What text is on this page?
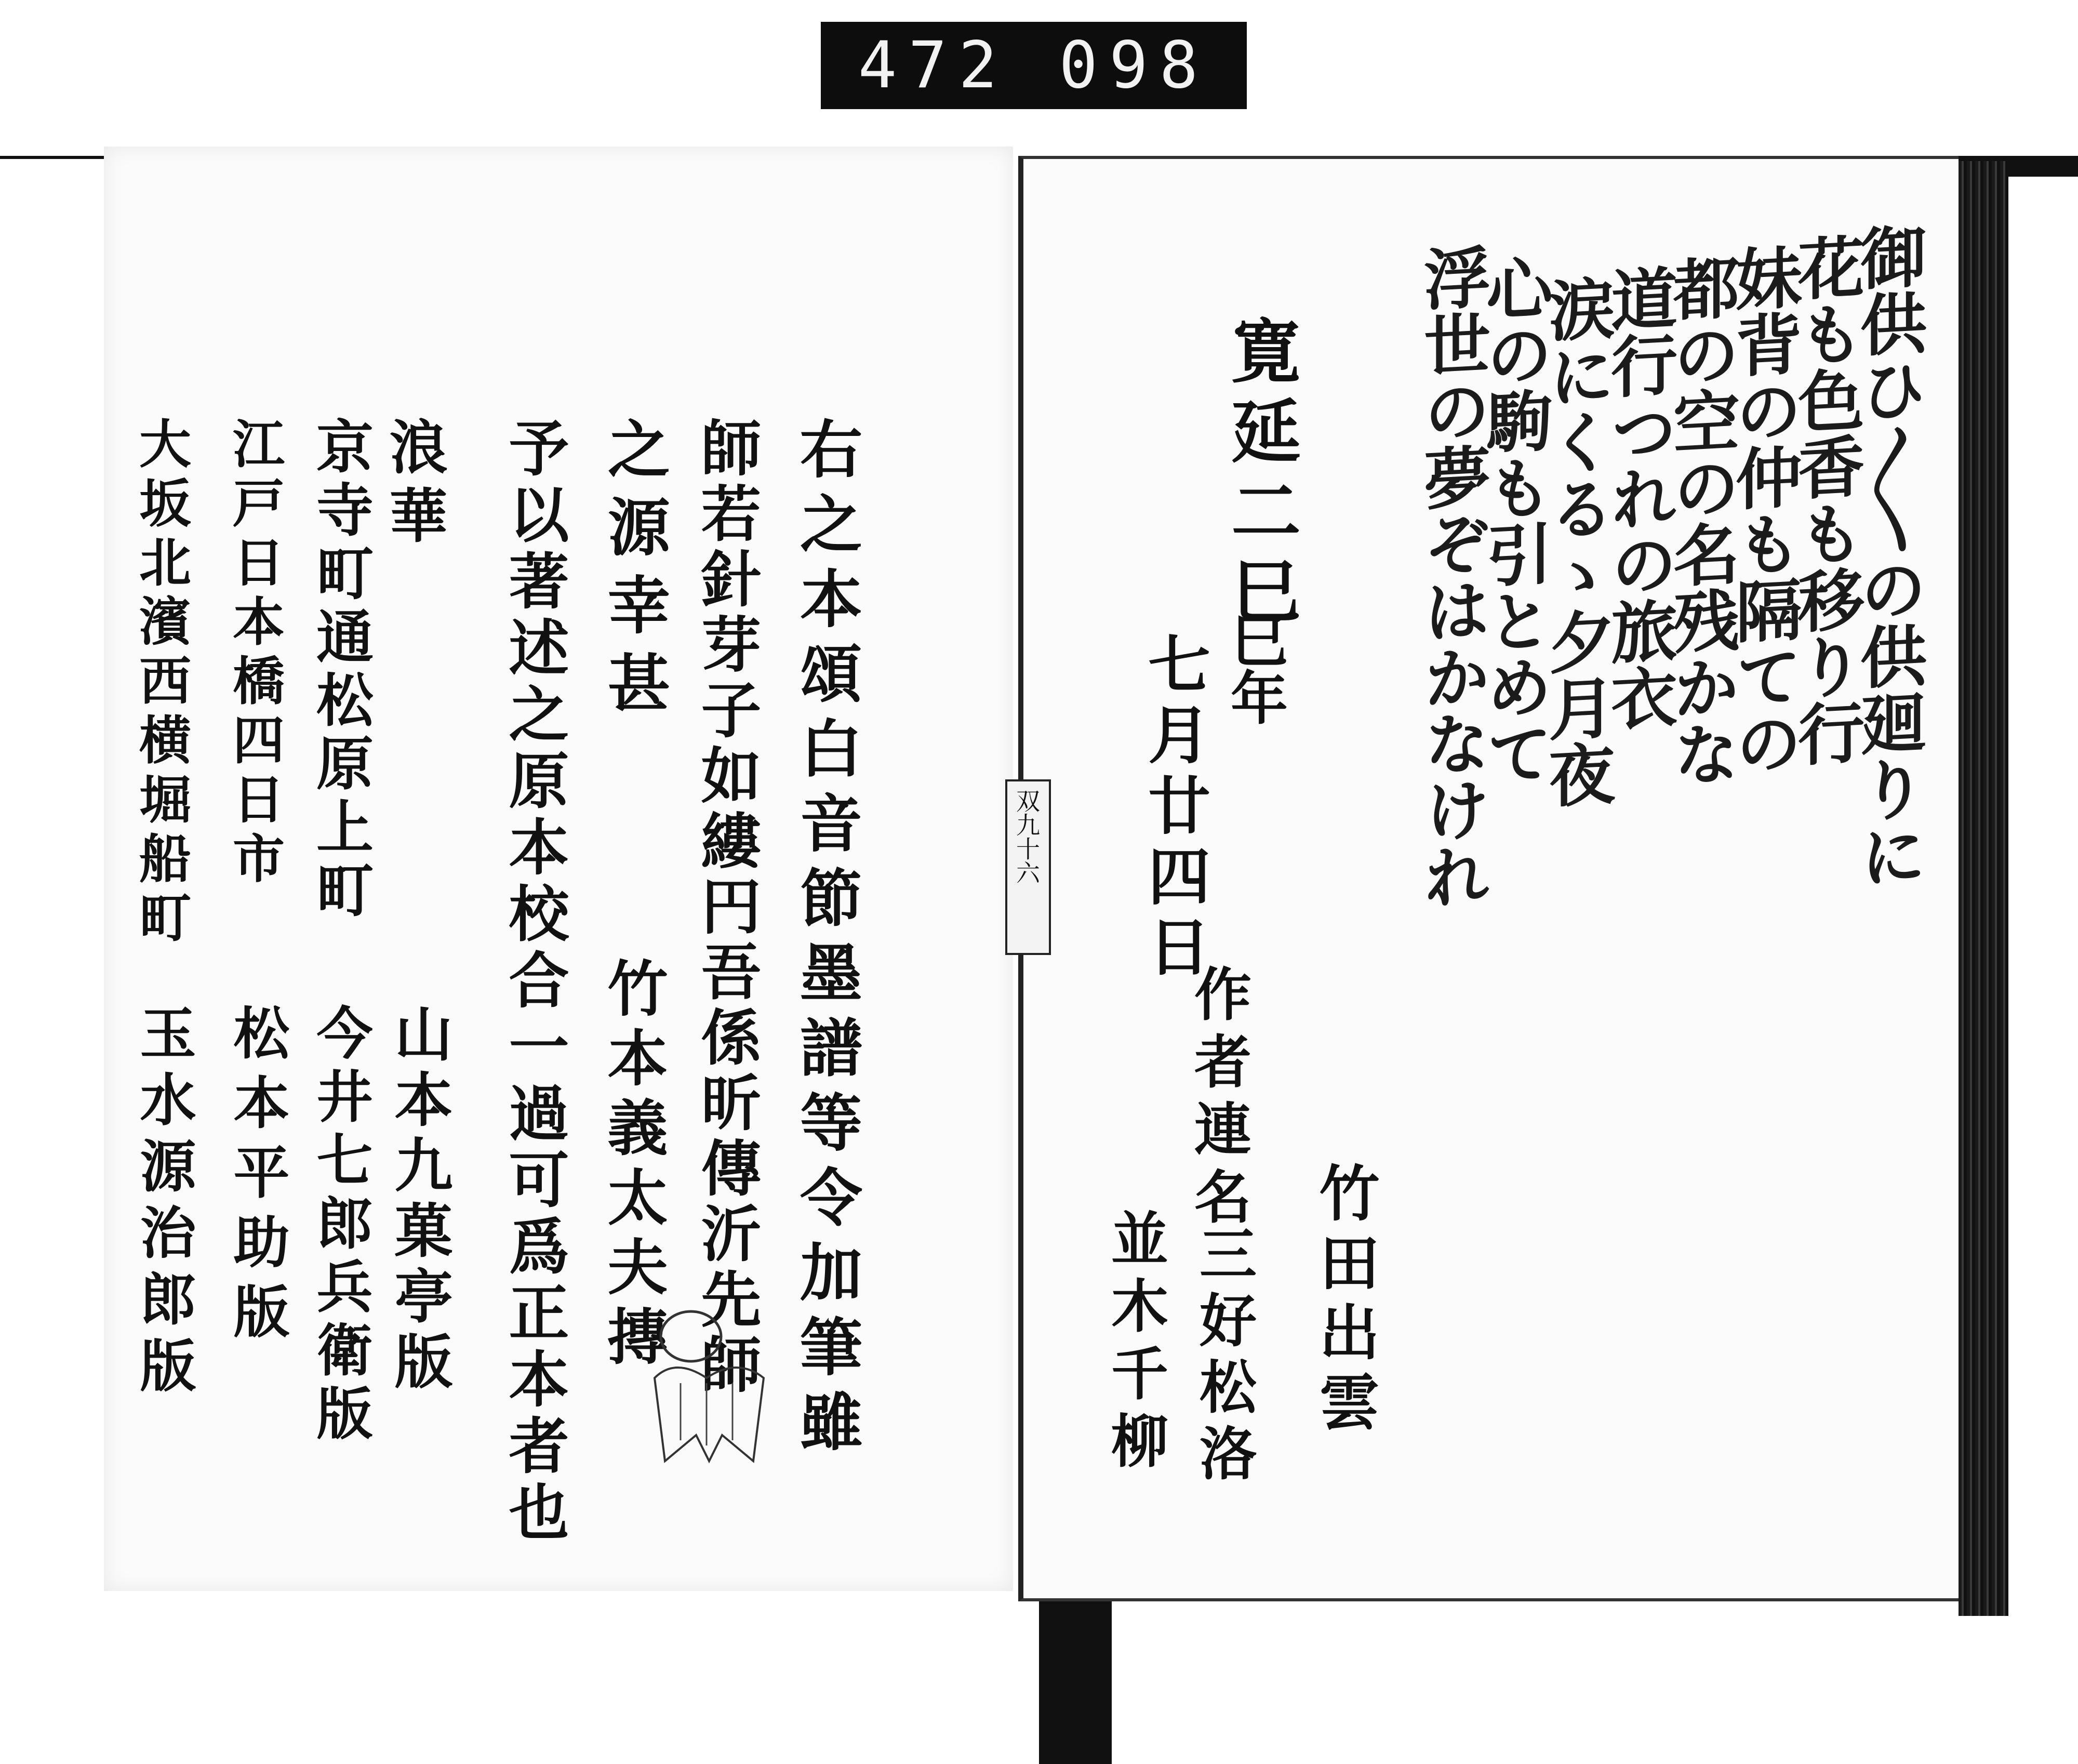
472 098
右之本頌白音節墨譜等令加筆雖
師若針芽子如縷円吾係昕傳沂先師
之源幸甚
竹本義太夫摶
予以著述之原本校合一過可爲正本者也
浪華
京寺町通松原上町
江戸日本橋四日市
大坂北濱西横堀船町
山本九菓亭版
今井七郎兵衛版
松本平助版
玉水源治郎版
寛延二巳
巳年
七月廿四日
作者連名
竹田出雲
三好松洛
並木千柳
双九十六	御供ひ〳〵の供廻りに
花も色香も移り行
妹背の仲も隔ての
都の空の名残かな
道行つれの旅衣
涙にくるゝ夕月夜
心の駒も引とめて
浮世の夢ぞはかなけれ
